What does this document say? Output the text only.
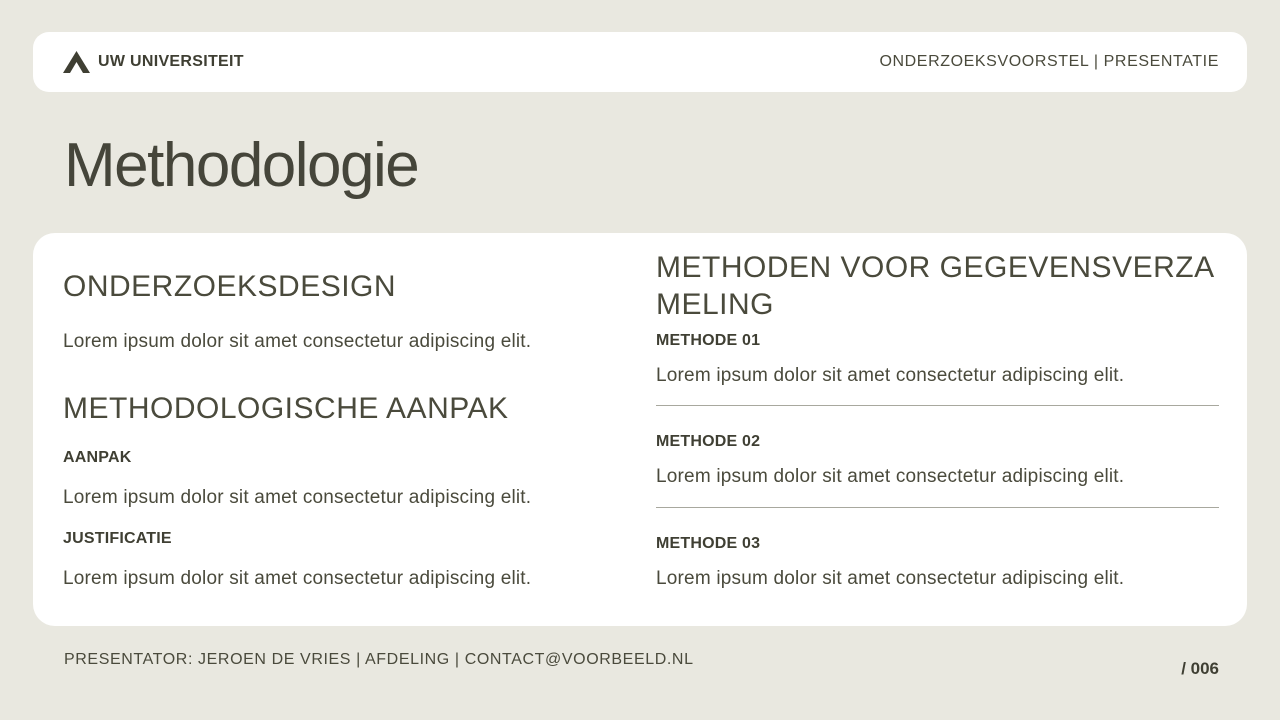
UW UNIVERSITEIT	ONDERZOEKSVOORSTEL | PRESENTATIE
Methodologie
ONDERZOEKSDESIGN
Lorem ipsum dolor sit amet consectetur adipiscing elit.
METHODOLOGISCHE AANPAK
AANPAK
Lorem ipsum dolor sit amet consectetur adipiscing elit.
JUSTIFICATIE
Lorem ipsum dolor sit amet consectetur adipiscing elit.
METHODEN VOOR GEGEVENSVERZAMELING
METHODE 01
Lorem ipsum dolor sit amet consectetur adipiscing elit.
METHODE 02
Lorem ipsum dolor sit amet consectetur adipiscing elit.
METHODE 03
Lorem ipsum dolor sit amet consectetur adipiscing elit.
PRESENTATOR: JEROEN DE VRIES | AFDELING | CONTACT@VOORBEELD.NL	/ 006
